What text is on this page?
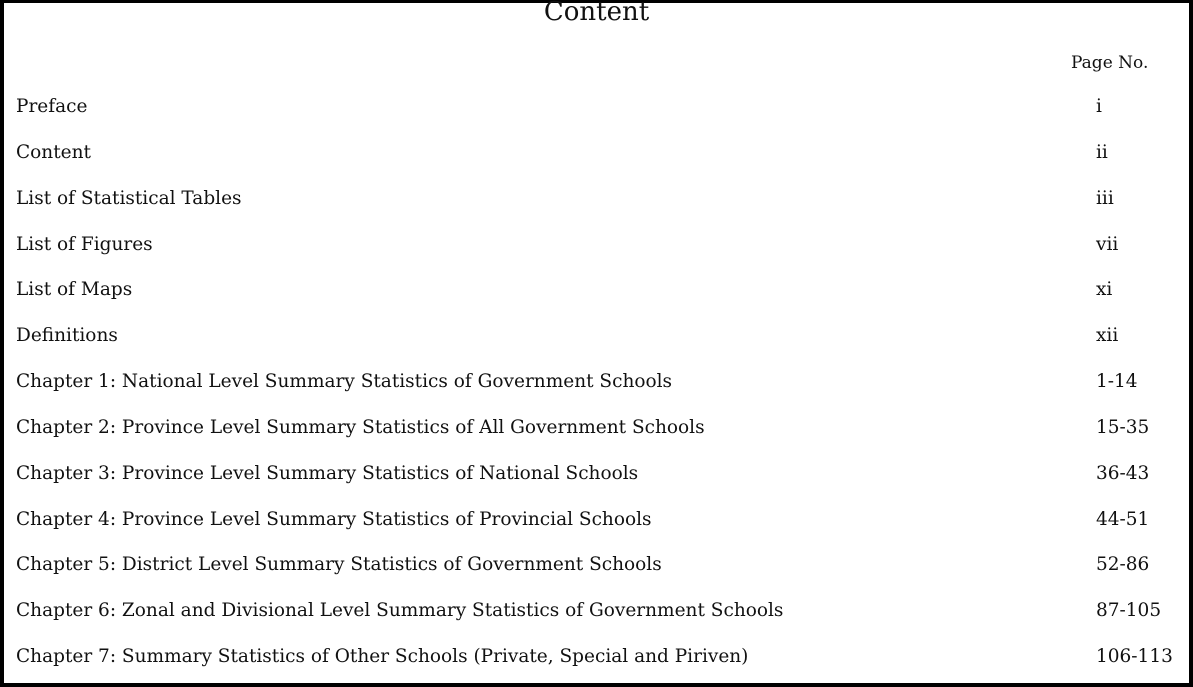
Content
Page No.
Preface	i
Content	ii
List of Statistical Tables	iii
List of Figures	vii
List of Maps	xi
Definitions	xii
Chapter 1: National Level Summary Statistics of Government Schools	1-14
Chapter 2: Province Level Summary Statistics of All Government Schools	15-35
Chapter 3: Province Level Summary Statistics of National Schools	36-43
Chapter 4: Province Level Summary Statistics of Provincial Schools	44-51
Chapter 5: District Level Summary Statistics of Government Schools	52-86
Chapter 6: Zonal and Divisional Level Summary Statistics of Government Schools	87-105
Chapter 7: Summary Statistics of Other Schools (Private, Special and Piriven)	106-113
